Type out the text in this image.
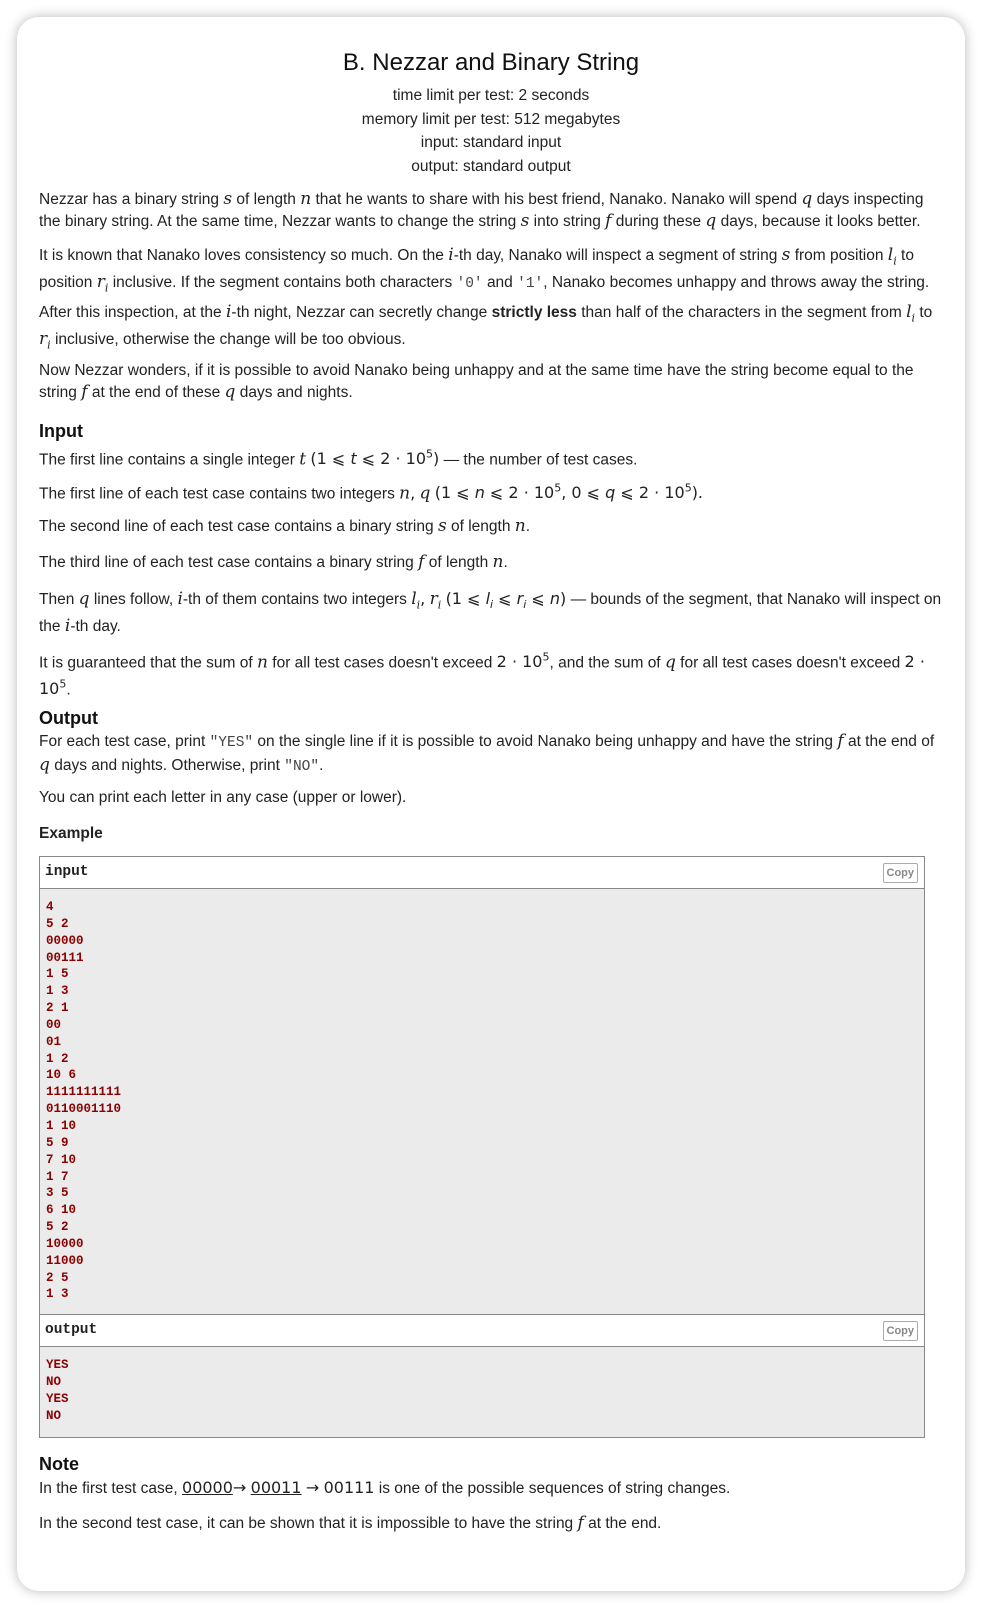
B. Nezzar and Binary String
time limit per test: 2 seconds
memory limit per test: 512 megabytes
input: standard input
output: standard output

Nezzar has a binary string s of length n that he wants to share with his best friend, Nanako. Nanako will spend q days inspecting the binary string. At the same time, Nezzar wants to change the string s into string f during these q days, because it looks better.

It is known that Nanako loves consistency so much. On the i-th day, Nanako will inspect a segment of string s from position $l_i$ to position $r_i$ inclusive. If the segment contains both characters '0' and '1', Nanako becomes unhappy and throws away the string.

After this inspection, at the i-th night, Nezzar can secretly change strictly less than half of the characters in the segment from $l_i$ to $r_i$ inclusive, otherwise the change will be too obvious.

Now Nezzar wonders, if it is possible to avoid Nanako being unhappy and at the same time have the string become equal to the string f at the end of these q days and nights.

Input

The first line contains a single integer t (1 ⩽ t ⩽ $2 \cdot 10^5$) — the number of test cases.

The first line of each test case contains two integers n, q (1 ⩽ n ⩽ $2 \cdot 10^5$, 0 ⩽ q ⩽ $2 \cdot 10^5$).

The second line of each test case contains a binary string s of length n.

The third line of each test case contains a binary string f of length n.

Then q lines follow, i-th of them contains two integers $l_i$, $r_i$ (1 ⩽ $l_i$ ⩽ $r_i$ ⩽ n) — bounds of the segment, that Nanako will inspect on the i-th day.

It is guaranteed that the sum of n for all test cases doesn't exceed $2 \cdot 10^5$, and the sum of q for all test cases doesn't exceed $2 \cdot 10^5$.

Output

For each test case, print "YES" on the single line if it is possible to avoid Nanako being unhappy and have the string f at the end of q days and nights. Otherwise, print "NO".

You can print each letter in any case (upper or lower).

Example
input	Copy
4
5 2
00000
00111
1 5
1 3
2 1
00
01
1 2
10 6
1111111111
0110001110
1 10
5 9
7 10
1 7
3 5
6 10
5 2
10000
11000
2 5
1 3
output	Copy
YES
NO
YES
NO
Note

In the first test case, 00000→ 00011 → 00111 is one of the possible sequences of string changes.

In the second test case, it can be shown that it is impossible to have the string f at the end.
